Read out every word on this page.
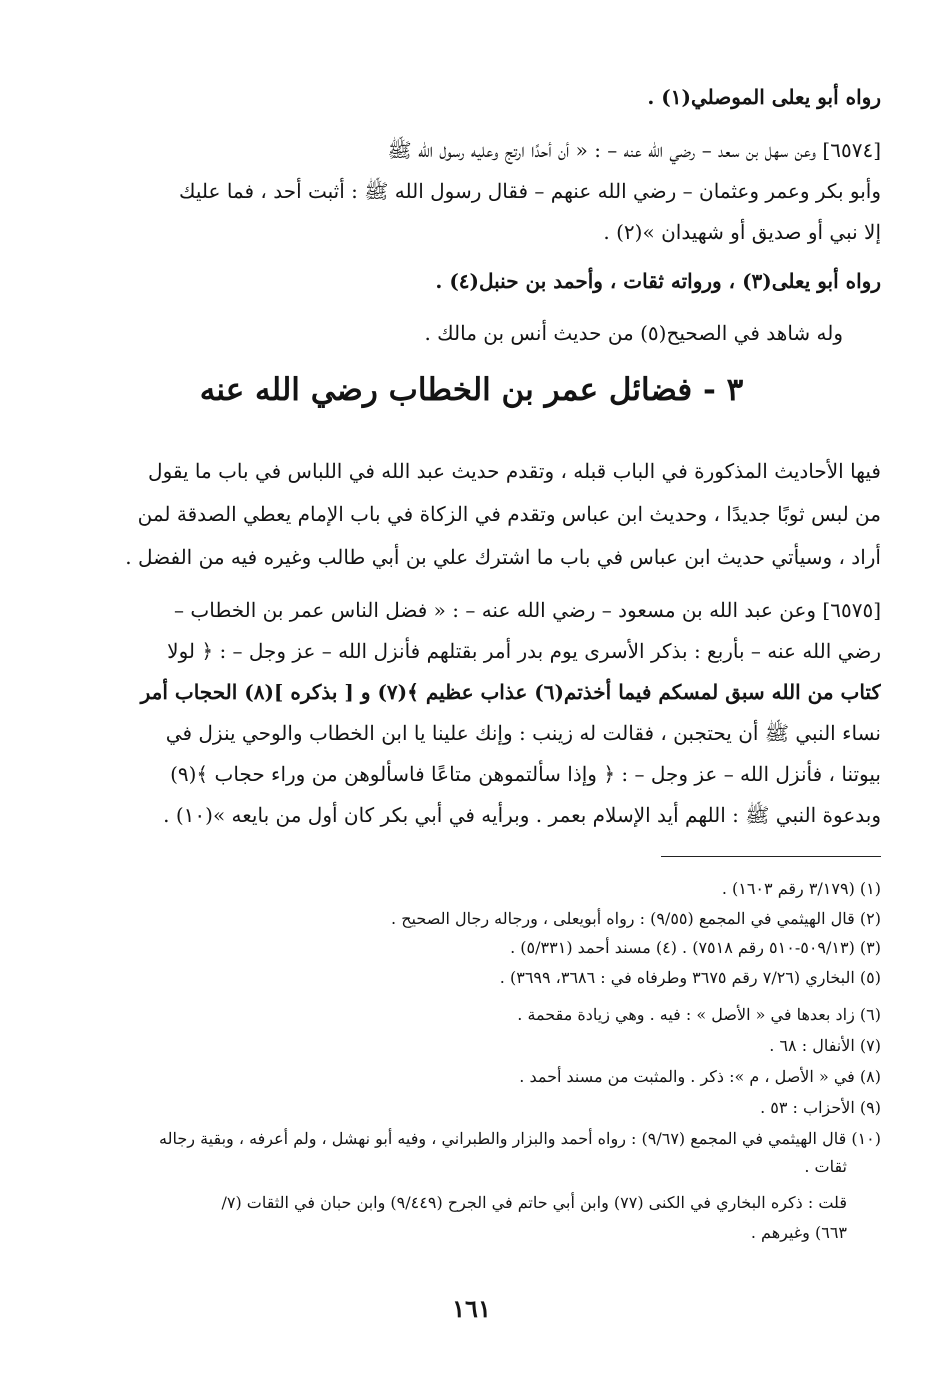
رواه أبو يعلى الموصلي(١) .
[٦٥٧٤] وعن سهل بن سعد – رضي الله عنه – : « أن أحدًا ارتج وعليه رسول الله ﷺ
وأبو بكر وعمر وعثمان – رضي الله عنهم – فقال رسول الله ﷺ : أثبت أحد ، فما عليك
إلا نبي أو صديق أو شهيدان »(٢) .
رواه أبو يعلى(٣) ، ورواته ثقات ، وأحمد بن حنبل(٤) .
وله شاهد في الصحيح(٥) من حديث أنس بن مالك .
٣ - فضائل عمر بن الخطاب رضي الله عنه
فيها الأحاديث المذكورة في الباب قبله ، وتقدم حديث عبد الله في اللباس في باب ما يقول
من لبس ثوبًا جديدًا ، وحديث ابن عباس وتقدم في الزكاة في باب الإمام يعطي الصدقة لمن
أراد ، وسيأتي حديث ابن عباس في باب ما اشترك علي بن أبي طالب وغيره فيه من الفضل .
[٦٥٧٥] وعن عبد الله بن مسعود – رضي الله عنه – : « فضل الناس عمر بن الخطاب –
رضي الله عنه – بأربع : بذكر الأسرى يوم بدر أمر بقتلهم فأنزل الله – عز وجل – : ﴿ لولا
كتاب من الله سبق لمسكم فيما أخذتم(٦) عذاب عظيم ﴾(٧) و [ بذكره ](٨) الحجاب أمر
نساء النبي ﷺ أن يحتجبن ، فقالت له زينب : وإنك علينا يا ابن الخطاب والوحي ينزل في
بيوتنا ، فأنزل الله – عز وجل – : ﴿ وإذا سألتموهن متاعًا فاسألوهن من وراء حجاب ﴾(٩)
وبدعوة النبي ﷺ : اللهم أيد الإسلام بعمر . وبرأيه في أبي بكر كان أول من بايعه »(١٠) .
(١) (٣/١٧٩ رقم ١٦٠٣) .
(٢) قال الهيثمي في المجمع (٩/٥٥) : رواه أبويعلى ، ورجاله رجال الصحيح .
(٣) (٥٠٩/١٣-٥١٠ رقم ٧٥١٨) . (٤) مسند أحمد (٥/٣٣١) .
(٥) البخاري (٧/٢٦ رقم ٣٦٧٥ وطرفاه في : ٣٦٨٦، ٣٦٩٩) .
(٦) زاد بعدها في « الأصل » : فيه . وهي زيادة مقحمة .
(٧) الأنفال : ٦٨ .
(٨) في « الأصل ، م »: ذكر . والمثبت من مسند أحمد .
(٩) الأحزاب : ٥٣ .
(١٠) قال الهيثمي في المجمع (٩/٦٧) : رواه أحمد والبزار والطبراني ، وفيه أبو نهشل ، ولم أعرفه ، وبقية رجاله
ثقات .
قلت : ذكره البخاري في الكنى (٧٧) وابن أبي حاتم في الجرح (٩/٤٤٩) وابن حبان في الثقات (٧/
٦٦٣) وغيرهم .
١٦١
